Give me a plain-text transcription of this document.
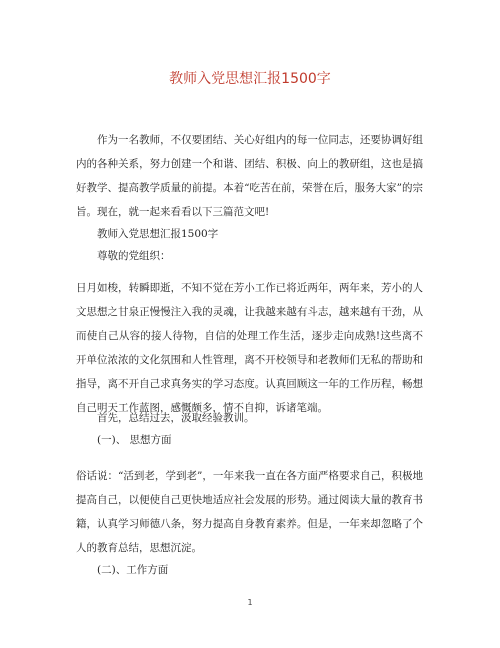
教师入党思想汇报1500字

作为一名教师，不仅要团结、关心好组内的每一位同志，还要协调好组内的各种关系，努力创建一个和谐、团结、积极、向上的教研组，这也是搞好教学、提高教学质量的前提。本着“吃苦在前，荣誉在后，服务大家”的宗旨。现在，就一起来看看以下三篇范文吧!

教师入党思想汇报1500字

尊敬的党组织：

日月如梭，转瞬即逝，不知不觉在芳小工作已将近两年，两年来，芳小的人文思想之甘泉正慢慢注入我的灵魂，让我越来越有斗志，越来越有干劲，从而使自己从容的接人待物，自信的处理工作生活，逐步走向成熟!这些离不开单位浓浓的文化氛围和人性管理，离不开校领导和老教师们无私的帮助和指导，离不开自己求真务实的学习态度。认真回顾这一年的工作历程，畅想自己明天工作蓝图，感慨颇多，情不自抑，诉诸笔端。

首先，总结过去，汲取经验教训。

(一)、 思想方面

俗话说：“活到老，学到老”，一年来我一直在各方面严格要求自己，积极地提高自己，以便使自己更快地适应社会发展的形势。通过阅读大量的教育书籍，认真学习师德八条，努力提高自身教育素养。但是，一年来却忽略了个人的教育总结，思想沉淀。

(二)、工作方面

1
